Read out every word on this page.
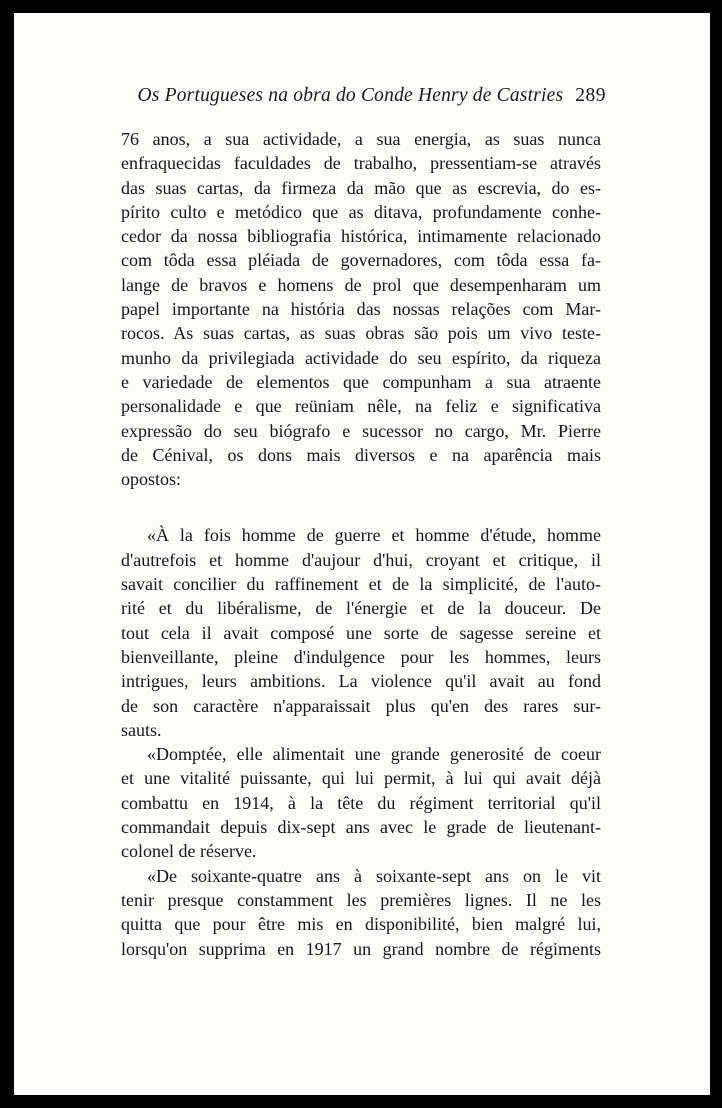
Os Portugueses na obra do Conde Henry de Castries 289
76 anos, a sua actividade, a sua energia, as suas nunca
enfraquecidas faculdades de trabalho, pressentiam-se através
das suas cartas, da firmeza da mão que as escrevia, do es-
pírito culto e metódico que as ditava, profundamente conhe-
cedor da nossa bibliografia histórica, intimamente relacionado
com tôda essa pléiada de governadores, com tôda essa fa-
lange de bravos e homens de prol que desempenharam um
papel importante na história das nossas relações com Mar-
rocos. As suas cartas, as suas obras são pois um vivo teste-
munho da privilegiada actividade do seu espírito, da riqueza
e variedade de elementos que compunham a sua atraente
personalidade e que reüniam nêle, na feliz e significativa
expressão do seu biógrafo e sucessor no cargo, Mr. Pierre
de Cénival, os dons mais diversos e na aparência mais
opostos:
«À la fois homme de guerre et homme d'étude, homme
d'autrefois et homme d'aujour d'hui, croyant et critique, il
savait concilier du raffinement et de la simplicité, de l'auto-
rité et du libéralisme, de l'énergie et de la douceur. De
tout cela il avait composé une sorte de sagesse sereine et
bienveillante, pleine d'indulgence pour les hommes, leurs
intrigues, leurs ambitions. La violence qu'il avait au fond
de son caractère n'apparaissait plus qu'en des rares sur-
sauts.
«Domptée, elle alimentait une grande generosité de coeur
et une vitalité puissante, qui lui permit, à lui qui avait déjà
combattu en 1914, à la tête du régiment territorial qu'il
commandait depuis dix-sept ans avec le grade de lieutenant-
colonel de réserve.
«De soixante-quatre ans à soixante-sept ans on le vit
tenir presque constamment les premières lignes. Il ne les
quitta que pour être mis en disponibilité, bien malgré lui,
lorsqu'on supprima en 1917 un grand nombre de régiments
